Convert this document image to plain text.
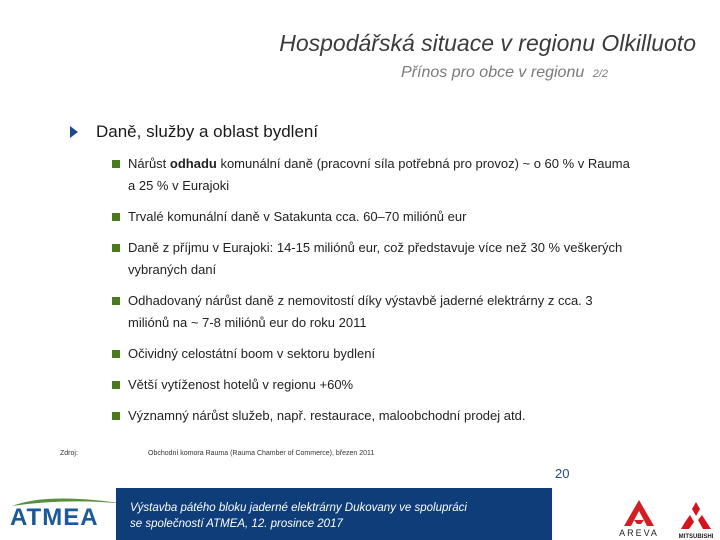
Hospodářská situace v regionu Olkilluoto
Přínos pro obce v regionu 2/2
Daně, služby a oblast bydlení
Nárůst odhadu komunální daně (pracovní síla potřebná pro provoz) ~ o 60 % v Rauma a 25 % v Eurajoki
Trvalé komunální daně v Satakunta cca. 60–70 miliónů eur
Daně z příjmu v Eurajoki: 14-15 miliónů eur, což představuje více než 30 % veškerých vybraných daní
Odhadovaný nárůst daně z nemovitostí díky výstavbě jaderné elektrárny z cca. 3 miliónů na ~ 7-8 miliónů eur do roku 2011
Očividný celostátní boom v sektoru bydlení
Větší vytíženost hotelů v regionu +60%
Významný nárůst služeb, např. restaurace, maloobchodní prodej atd.
Zdroj:	Obchodní komora Rauma (Rauma Chamber of Commerce), březen 2011
ATMEA	Výstavba pátého bloku jaderné elektrárny Dukovany ve spolupráci
se společností ATMEA, 12. prosince 2017
20
AREVA	MITSUBISHI
